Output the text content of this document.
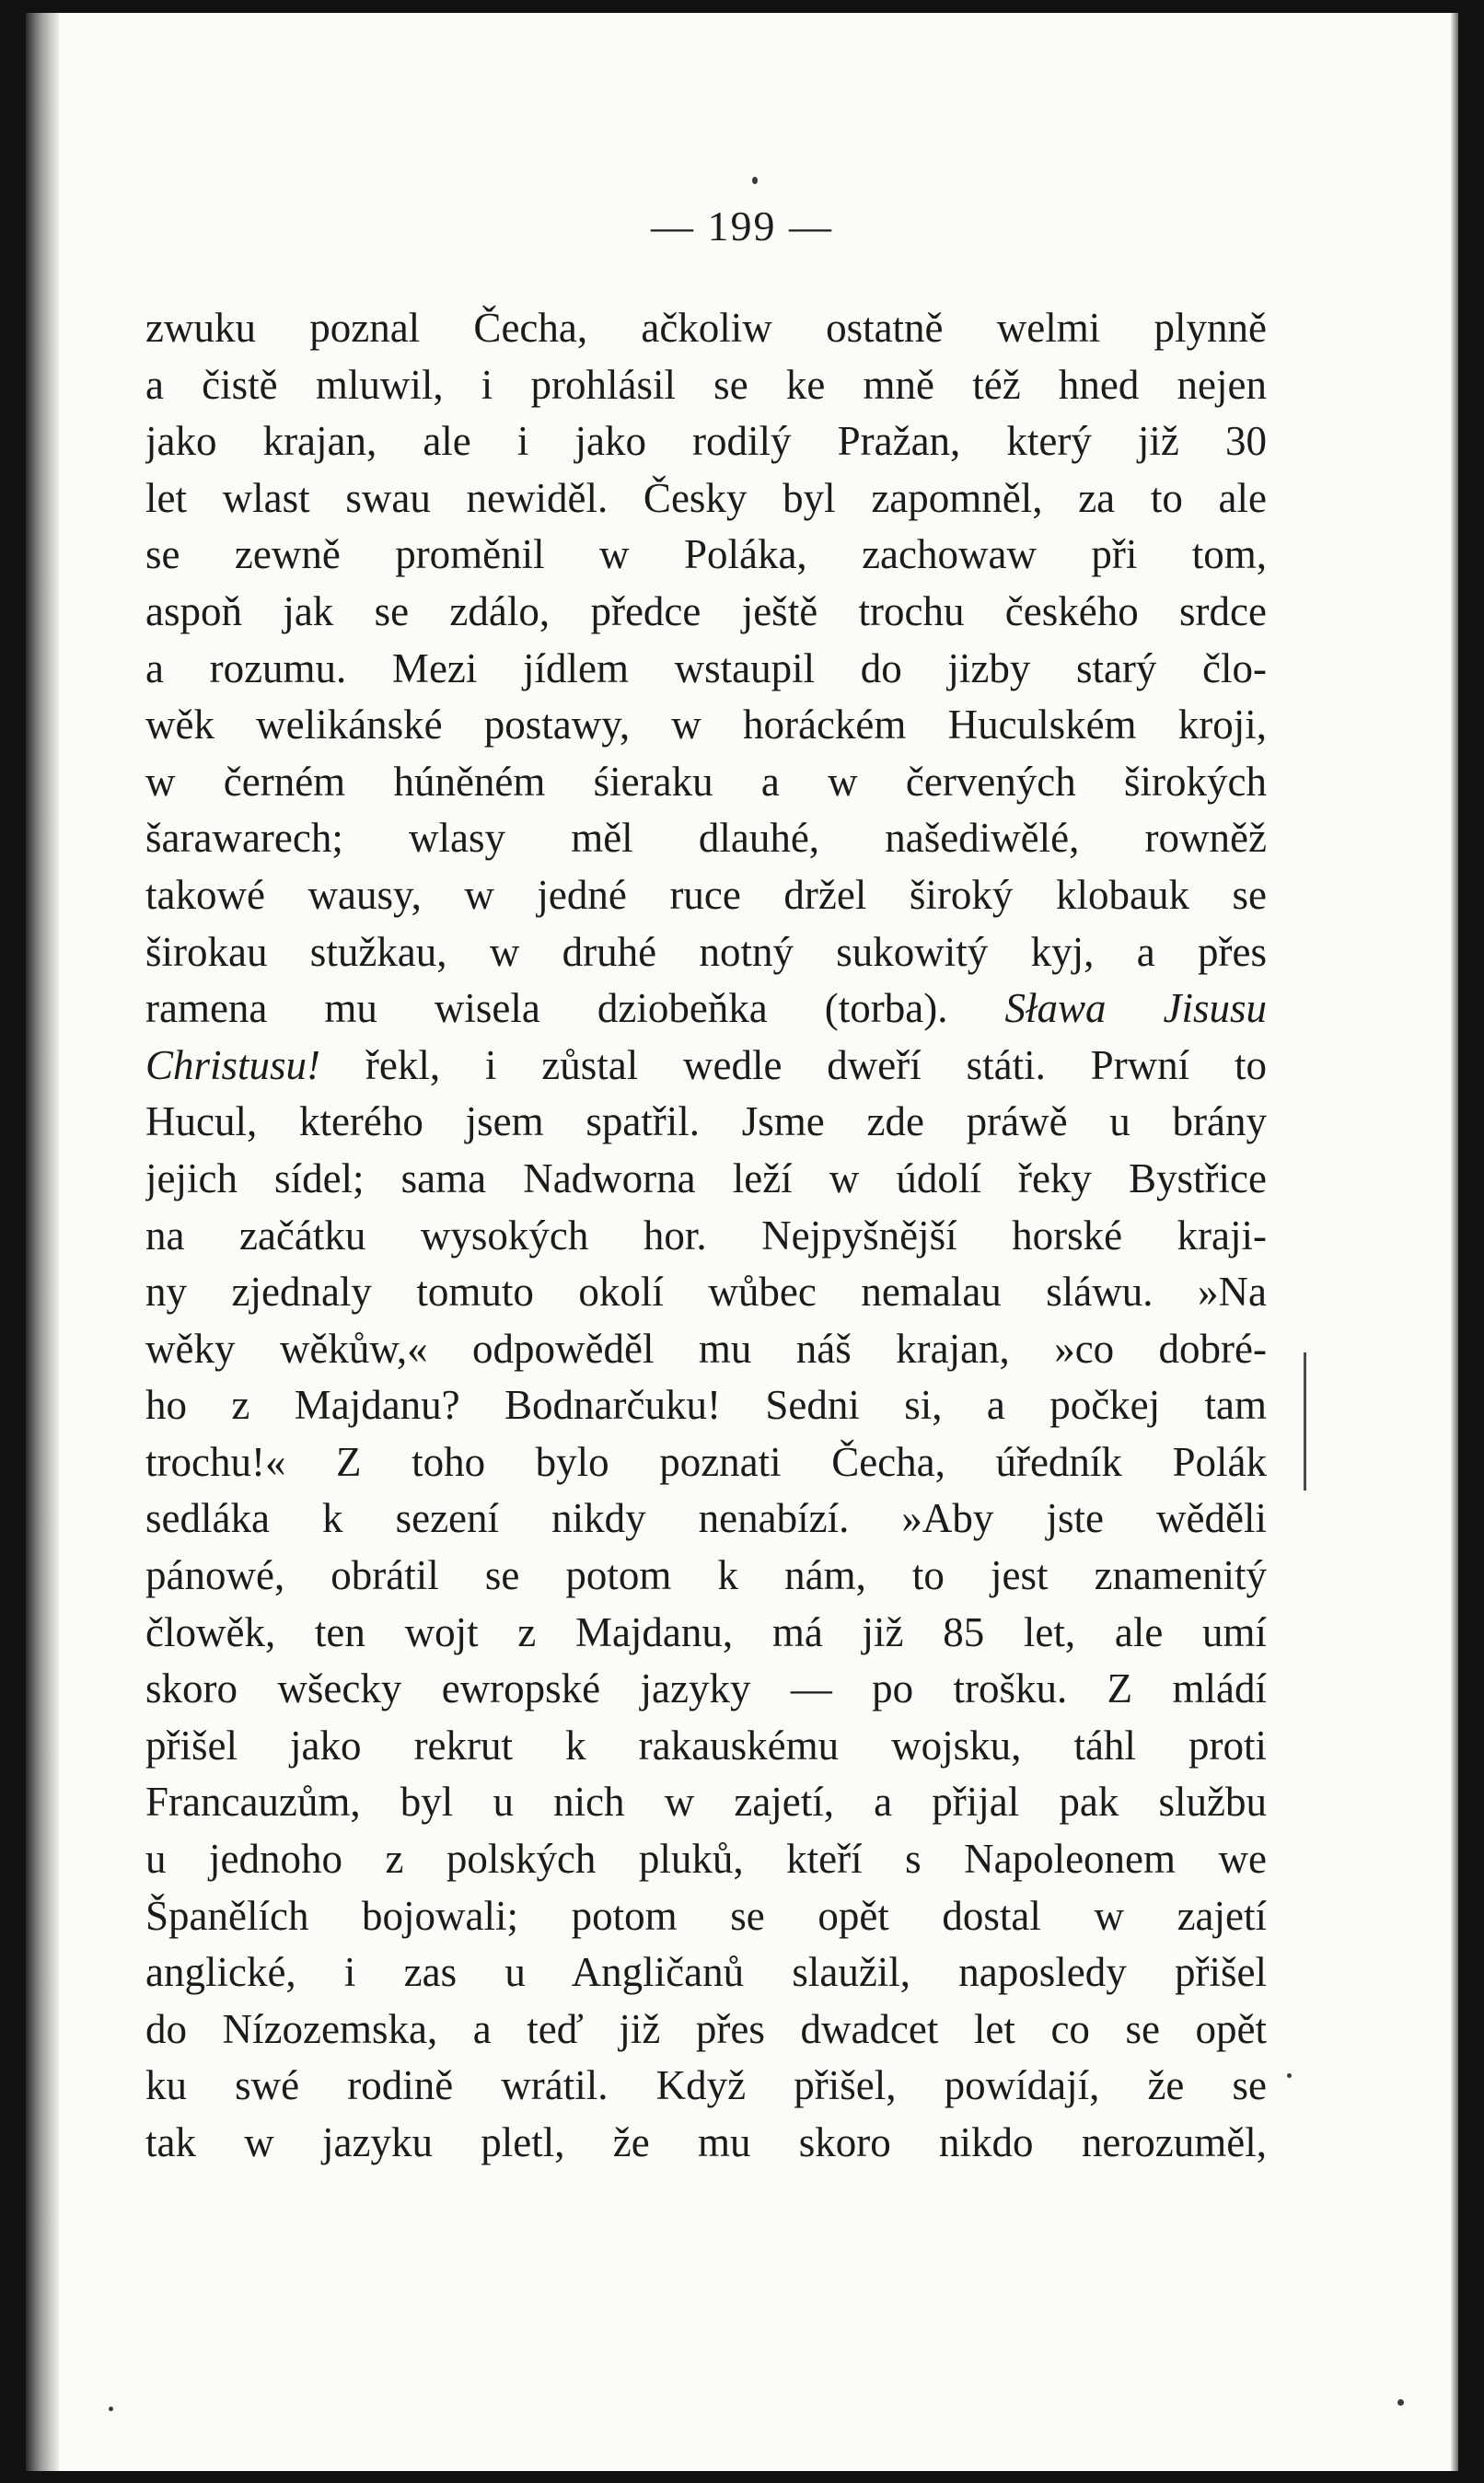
— 199 —
zwuku poznal Čecha, ačkoliw ostatně welmi plynně
a čistě mluwil, i prohlásil se ke mně též hned nejen
jako krajan, ale i jako rodilý Pražan, který již 30
let wlast swau newiděl. Česky byl zapomněl, za to ale
se zewně proměnil w Poláka, zachowaw při tom,
aspoň jak se zdálo, předce ještě trochu českého srdce
a rozumu. Mezi jídlem wstaupil do jizby starý člo-
wěk welikánské postawy, w horáckém Huculském kroji,
w černém húněném śieraku a w červených širokých
šarawarech; wlasy měl dlauhé, našediwělé, rowněž
takowé wausy, w jedné ruce držel široký klobauk se
širokau stužkau, w druhé notný sukowitý kyj, a přes
ramena mu wisela dziobeňka (torba). Sława Jisusu
Christusu! řekl, i zůstal wedle dweří státi. Prwní to
Hucul, kterého jsem spatřil. Jsme zde práwě u brány
jejich sídel; sama Nadworna leží w údolí řeky Bystřice
na začátku wysokých hor. Nejpyšnější horské kraji-
ny zjednaly tomuto okolí wůbec nemalau sláwu. »Na
wěky wěkůw,« odpowěděl mu náš krajan, »co dobré-
ho z Majdanu? Bodnarčuku! Sedni si, a počkej tam
trochu!« Z toho bylo poznati Čecha, úředník Polák
sedláka k sezení nikdy nenabízí. »Aby jste wěděli
pánowé, obrátil se potom k nám, to jest znamenitý
člowěk, ten wojt z Majdanu, má již 85 let, ale umí
skoro wšecky ewropské jazyky — po trošku. Z mládí
přišel jako rekrut k rakauskému wojsku, táhl proti
Francauzům, byl u nich w zajetí, a přijal pak službu
u jednoho z polských pluků, kteří s Napoleonem we
Španělích bojowali; potom se opět dostal w zajetí
anglické, i zas u Angličanů slaužil, naposledy přišel
do Nízozemska, a teď již přes dwadcet let co se opět
ku swé rodině wrátil. Když přišel, powídají, že se
tak w jazyku pletl, že mu skoro nikdo nerozuměl,
